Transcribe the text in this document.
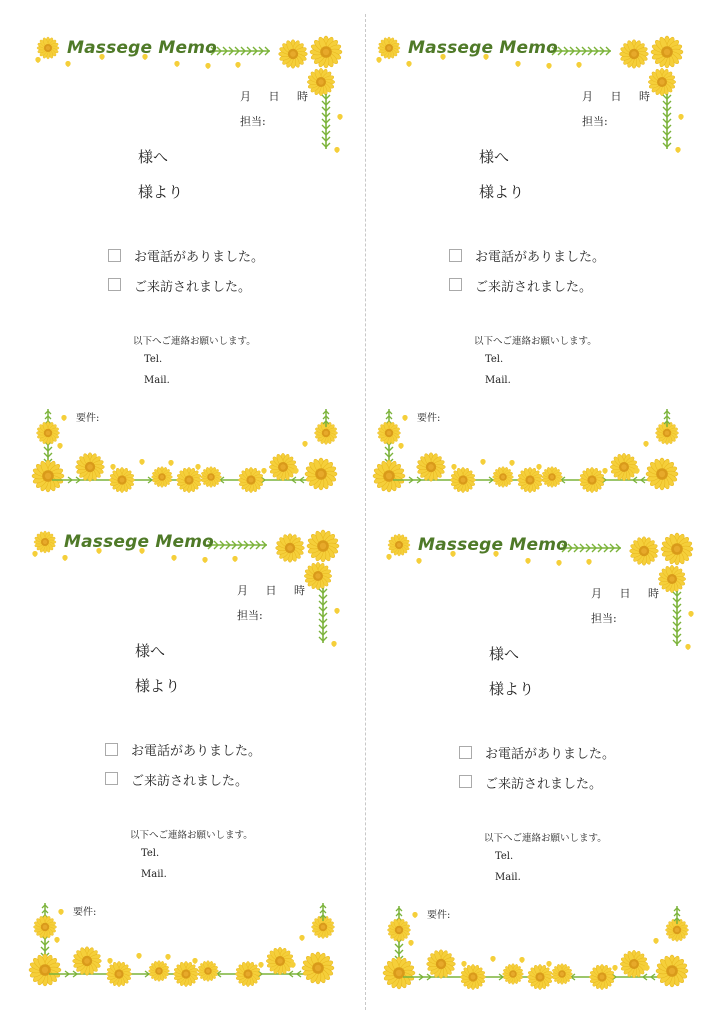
Massege Memo
月 日 時
担当:
様へ
様より
お電話がありました。
ご来訪されました。
以下へご連絡お願いします。
Tel.
Mail.
要件:
Massege Memo
月 日 時
担当:
様へ
様より
お電話がありました。
ご来訪されました。
以下へご連絡お願いします。
Tel.
Mail.
要件:
Massege Memo
月 日 時
担当:
様へ
様より
お電話がありました。
ご来訪されました。
以下へご連絡お願いします。
Tel.
Mail.
要件:
Massege Memo
月 日 時
担当:
様へ
様より
お電話がありました。
ご来訪されました。
以下へご連絡お願いします。
Tel.
Mail.
要件:
